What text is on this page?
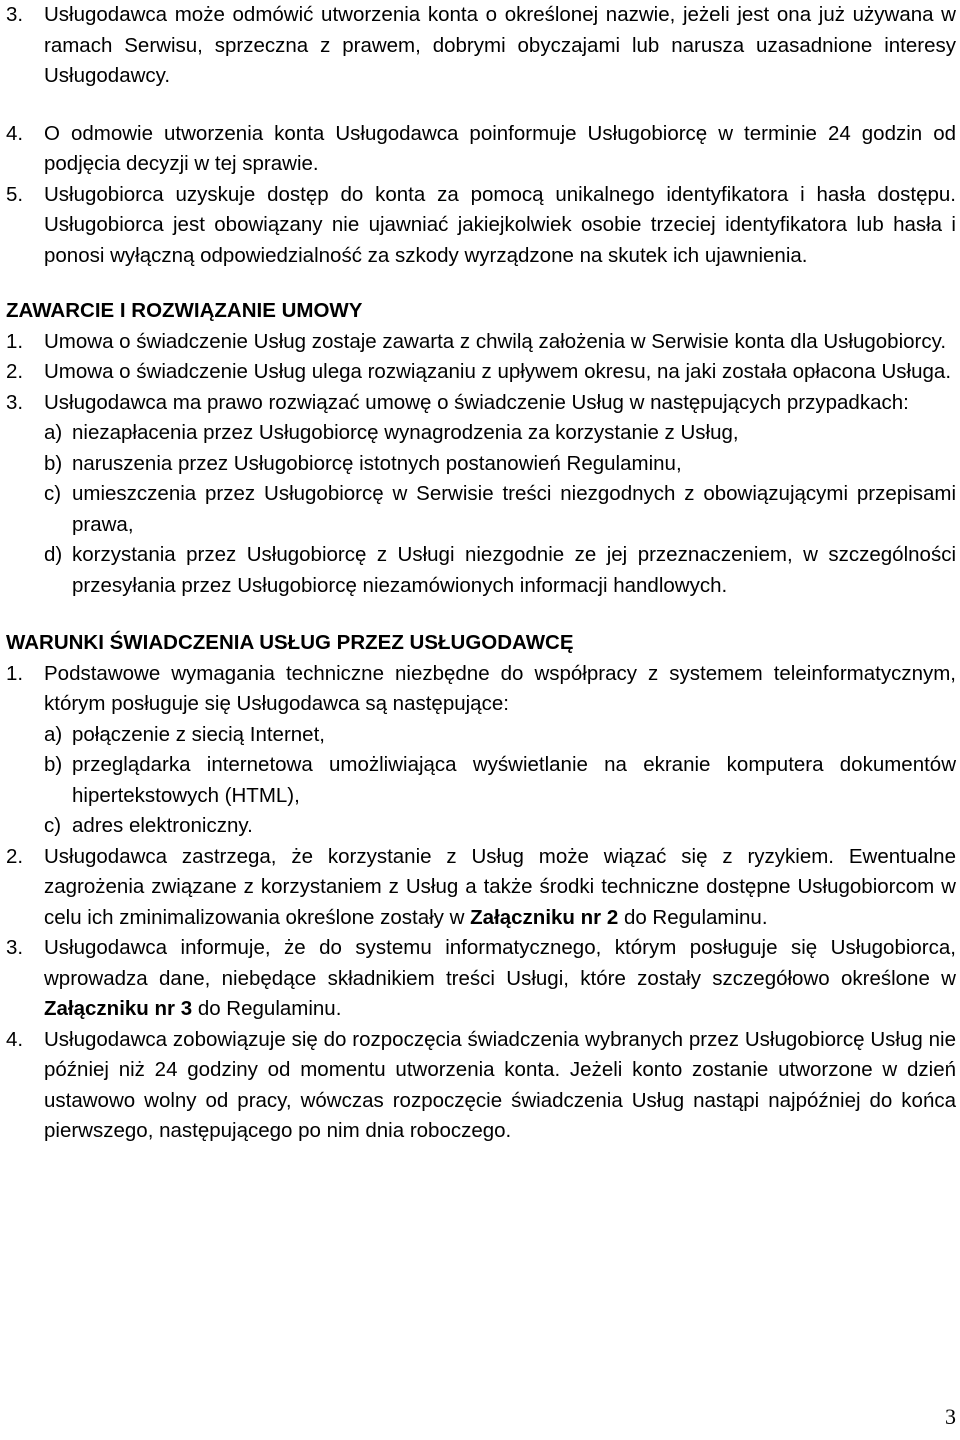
3. Usługodawca może odmówić utworzenia konta o określonej nazwie, jeżeli jest ona już używana w ramach Serwisu, sprzeczna z prawem, dobrymi obyczajami lub narusza uzasadnione interesy Usługodawcy.
4. O odmowie utworzenia konta Usługodawca poinformuje Usługobiorcę w terminie 24 godzin od podjęcia decyzji w tej sprawie.
5. Usługobiorca uzyskuje dostęp do konta za pomocą unikalnego identyfikatora i hasła dostępu. Usługobiorca jest obowiązany nie ujawniać jakiejkolwiek osobie trzeciej identyfikatora lub hasła i ponosi wyłączną odpowiedzialność za szkody wyrządzone na skutek ich ujawnienia.
ZAWARCIE I ROZWIĄZANIE UMOWY
1. Umowa o świadczenie Usług zostaje zawarta z chwilą założenia w Serwisie konta dla Usługobiorcy.
2. Umowa o świadczenie Usług ulega rozwiązaniu z upływem okresu, na jaki została opłacona Usługa.
3. Usługodawca ma prawo rozwiązać umowę o świadczenie Usług w następujących przypadkach:
a) niezapłacenia przez Usługobiorcę wynagrodzenia za korzystanie z Usług,
b) naruszenia przez Usługobiorcę istotnych postanowień Regulaminu,
c) umieszczenia przez Usługobiorcę w Serwisie treści niezgodnych z obowiązującymi przepisami prawa,
d) korzystania przez Usługobiorcę z Usługi niezgodnie ze jej przeznaczeniem, w szczególności przesyłania przez Usługobiorcę niezamówionych informacji handlowych.
WARUNKI ŚWIADCZENIA USŁUG PRZEZ USŁUGODAWCĘ
1. Podstawowe wymagania techniczne niezbędne do współpracy z systemem teleinformatycznym, którym posługuje się Usługodawca są następujące:
a) połączenie z siecią Internet,
b) przeglądarka internetowa umożliwiająca wyświetlanie na ekranie komputera dokumentów hipertekstowych (HTML),
c) adres elektroniczny.
2. Usługodawca zastrzega, że korzystanie z Usług może wiązać się z ryzykiem. Ewentualne zagrożenia związane z korzystaniem z Usług a także środki techniczne dostępne Usługobiorcom w celu ich zminimalizowania określone zostały w Załączniku nr 2 do Regulaminu.
3. Usługodawca informuje, że do systemu informatycznego, którym posługuje się Usługobiorca, wprowadza dane, niebędące składnikiem treści Usługi, które zostały szczegółowo określone w Załączniku nr 3 do Regulaminu.
4. Usługodawca zobowiązuje się do rozpoczęcia świadczenia wybranych przez Usługobiorcę Usług nie później niż 24 godziny od momentu utworzenia konta. Jeżeli konto zostanie utworzone w dzień ustawowo wolny od pracy, wówczas rozpoczęcie świadczenia Usług nastąpi najpóźniej do końca pierwszego, następującego po nim dnia roboczego.
3
